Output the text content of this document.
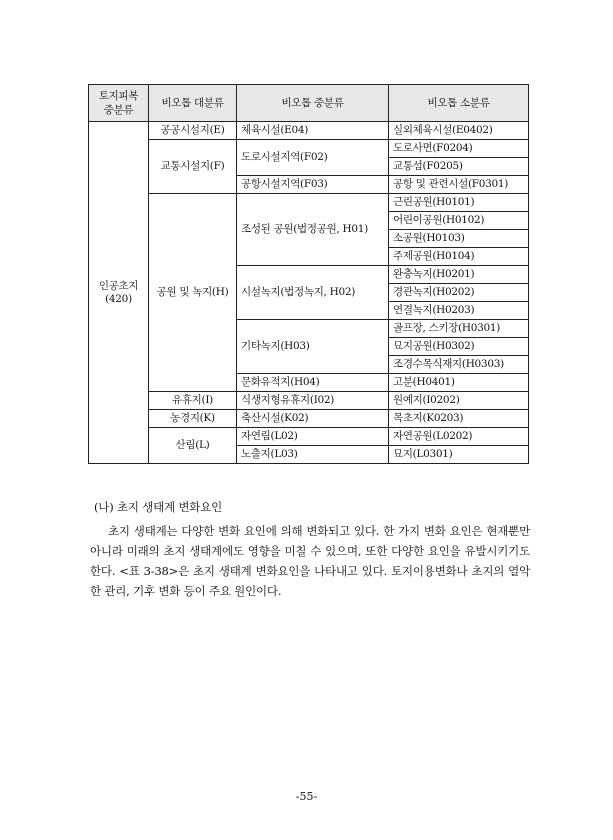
토지피복 중분류	비오톱 대분류	비오톱 중분류	비오톱 소분류
인공초지 (420)	공공시설지(E)	체육시설(E04)	실외체육시설(E0402)
	교통시설지(F)	도로시설지역(F02)	도로사면(F0204)
			교통섬(F0205)
		공항시설지역(F03)	공항 및 관련시설(F0301)
	공원 및 녹지(H)	조성된 공원(법정공원, H01)	근린공원(H0101)
			어린이공원(H0102)
			소공원(H0103)
			주제공원(H0104)
		시설녹지(법정녹지, H02)	완충녹지(H0201)
			경관녹지(H0202)
			연결녹지(H0203)
		기타녹지(H03)	골프장, 스키장(H0301)
			묘지공원(H0302)
			조경수목식재지(H0303)
		문화유적지(H04)	고분(H0401)
	유휴지(I)	식생지형유휴지(I02)	원예지(I0202)
	농경지(K)	축산시설(K02)	목초지(K0203)
	산림(L)	자연림(L02)	자연공원(L0202)
		노출지(L03)	묘지(L0301)
(나) 초지 생태계 변화요인
초지 생태계는 다양한 변화 요인에 의해 변화되고 있다. 한 가지 변화 요인은 현재뿐만 아니라 미래의 초지 생태계에도 영향을 미칠 수 있으며, 또한 다양한 요인을 유발시키기도 한다. <표 3-38>은 초지 생태계 변화요인을 나타내고 있다. 토지이용변화나 초지의 열악한 관리, 기후 변화 등이 주요 원인이다.
-55-
